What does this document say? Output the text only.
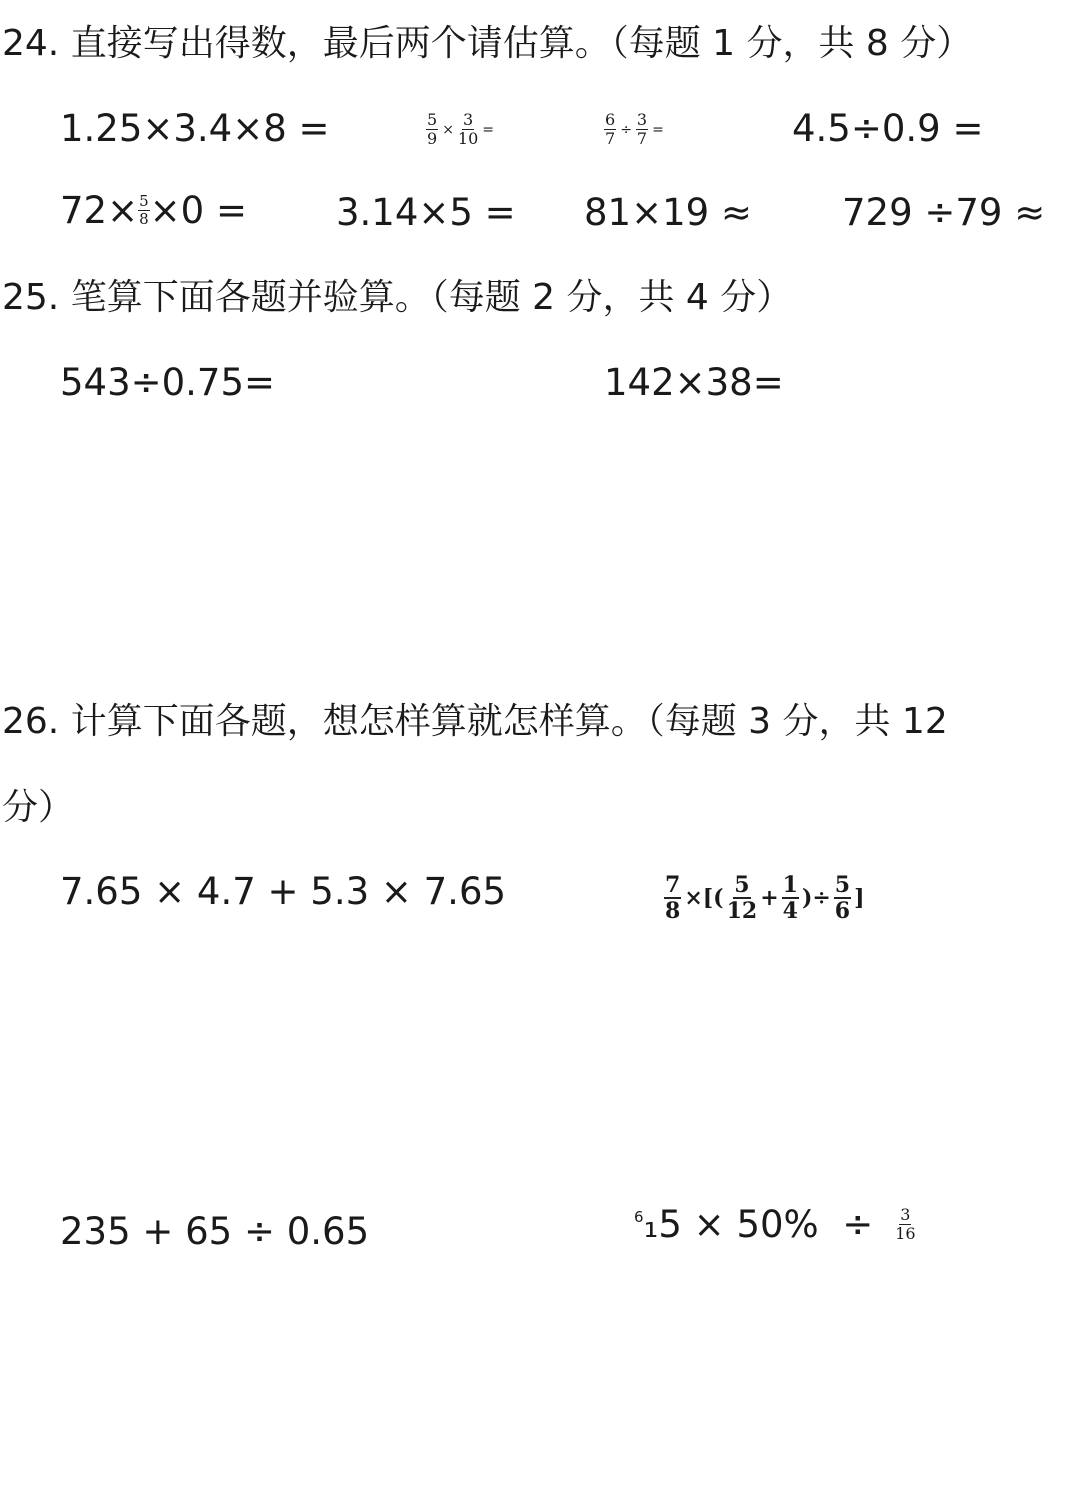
24. 直接写出得数，最后两个请估算。（每题 1 分，共 8 分）
1.25×3.4×8 =	$\frac{5}{9} \times \frac{3}{10}$ =	$\frac{6}{7} \div \frac{3}{7}$ =	4.5÷0.9 =
$72\times \frac{5}{8} \times 0 = 3.14\times 5 = 81\times 19 \approx 729 \div 79$ ≈
25. 笔算下面各题并验算。（每题 2 分，共 4 分）
543÷0.75=	142×38=
26. 计算下面各题，想怎样算就怎样算。（每题 3 分，共 12
分）
7.65 × 4.7 + 5.3 × 7.65	$\frac{7}{8}$ ×[( $\frac{5}{12} + \frac{1}{4}$ )÷ $\frac{5}{6}$ ]
235 + 65 ÷ 0.65	6 $_15 \times 50\% \div \frac{3}{16}$
